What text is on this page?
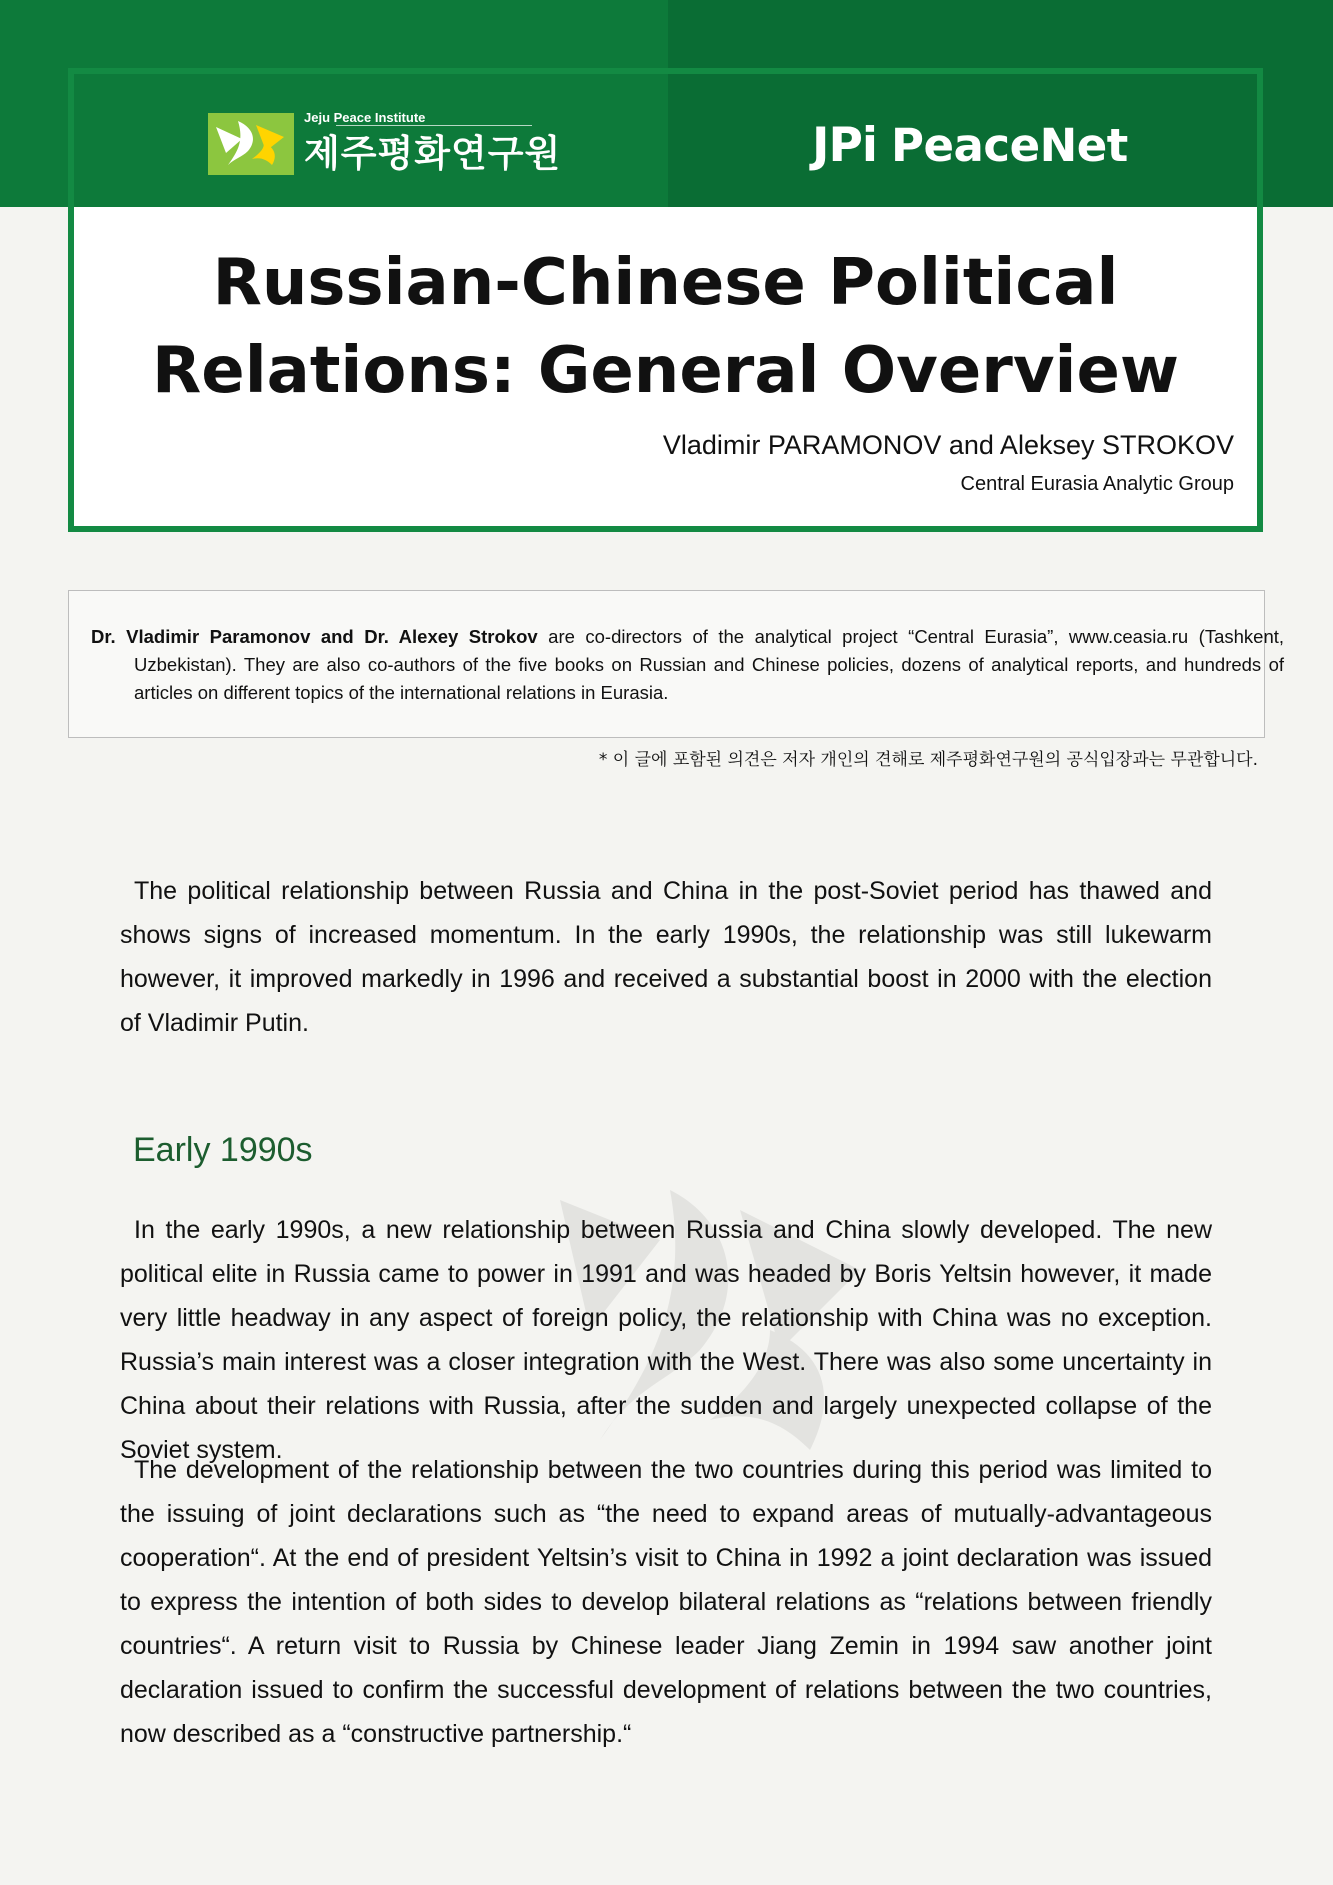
Jeju Peace Institute
제주평화연구원	JPi PeaceNet
Russian-Chinese Political
Relations: General Overview
Vladimir PARAMONOV and Aleksey STROKOV
Central Eurasia Analytic Group
Dr. Vladimir Paramonov and Dr. Alexey Strokov are co-directors of the analytical project “Central Eurasia”, www.ceasia.ru (Tashkent, Uzbekistan). They are also co-authors of the five books on Russian and Chinese policies, dozens of analytical reports, and hundreds of articles on different topics of the international relations in Eurasia.
* 이 글에 포함된 의견은 저자 개인의 견해로 제주평화연구원의 공식입장과는 무관합니다.

The political relationship between Russia and China in the post-Soviet period has thawed and shows signs of increased momentum. In the early 1990s, the relationship was still lukewarm however, it improved markedly in 1996 and received a substantial boost in 2000 with the election of Vladimir Putin.

Early 1990s

In the early 1990s, a new relationship between Russia and China slowly developed. The new political elite in Russia came to power in 1991 and was headed by Boris Yeltsin however, it made very little headway in any aspect of foreign policy, the relationship with China was no exception. Russia’s main interest was a closer integration with the West. There was also some uncertainty in China about their relations with Russia, after the sudden and largely unexpected collapse of the Soviet system.

The development of the relationship between the two countries during this period was limited to the issuing of joint declarations such as “the need to expand areas of mutually-advantageous cooperation“. At the end of president Yeltsin’s visit to China in 1992 a joint declaration was issued to express the intention of both sides to develop bilateral relations as “relations between friendly countries“. A return visit to Russia by Chinese leader Jiang Zemin in 1994 saw another joint declaration issued to confirm the successful development of relations between the two countries, now described as a “constructive partnership.“
